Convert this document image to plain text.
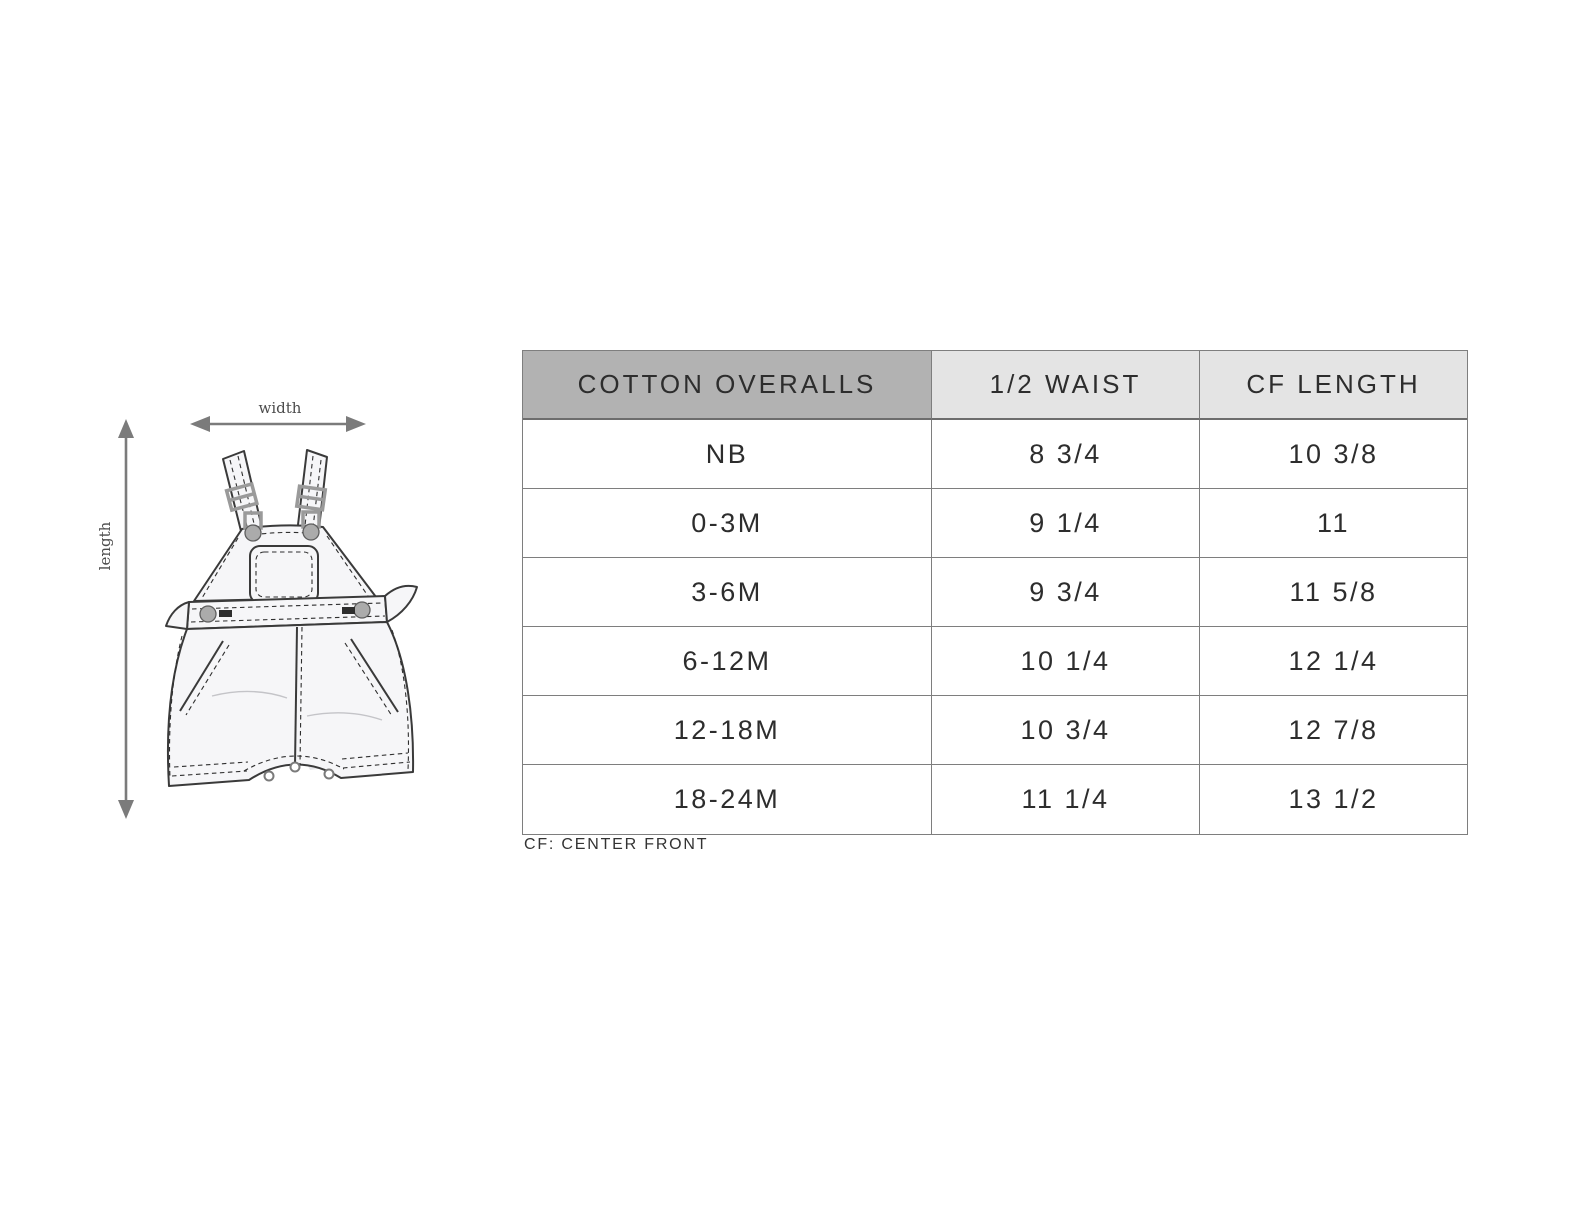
length
width
COTTON OVERALLS	1/2 WAIST	CF LENGTH
NB	8 3/4	10 3/8
0-3M	9 1/4	11
3-6M	9 3/4	11 5/8
6-12M	10 1/4	12 1/4
12-18M	10 3/4	12 7/8
18-24M	11 1/4	13 1/2
CF: CENTER FRONT
